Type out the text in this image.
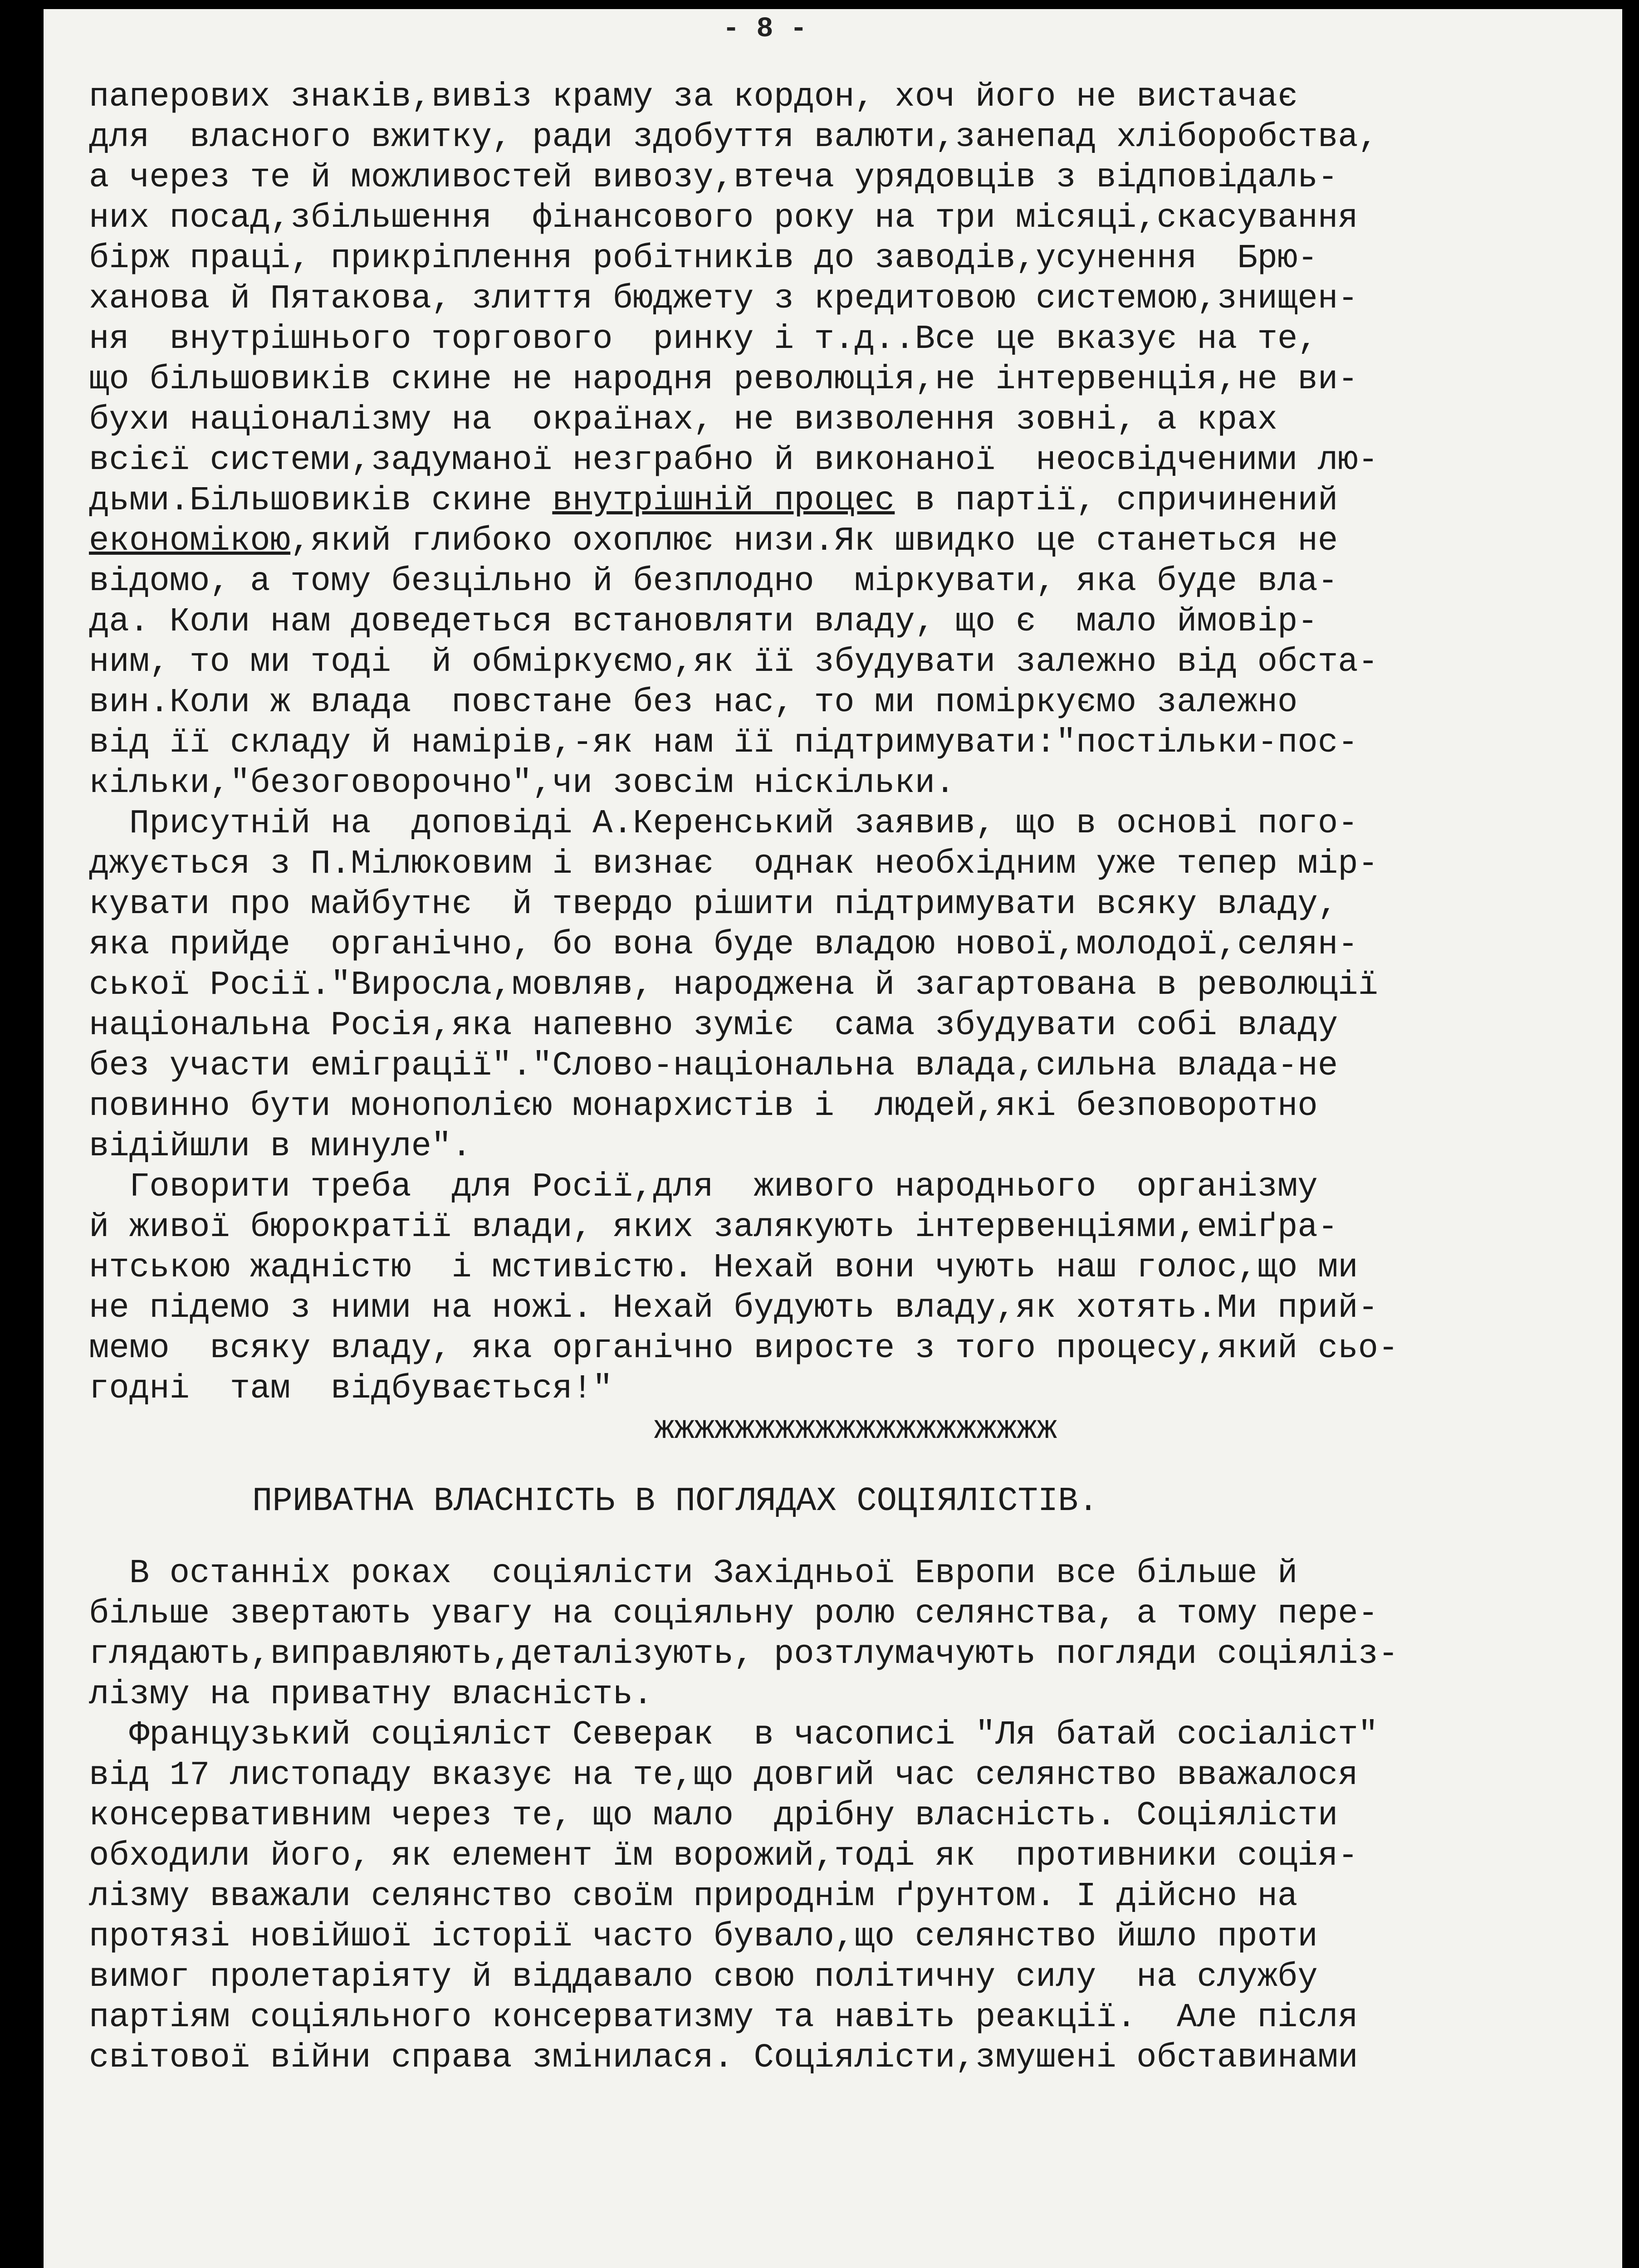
- 8 -

паперових знаків,вивіз краму за кордон, хоч його не вистачає
для  власного вжитку, ради здобуття валюти,занепад хліборобства,
а через те й можливостей вивозу,втеча урядовців з відповідаль-
них посад,збільшення  фінансового року на три місяці,скасування
бірж праці, прикріплення робітників до заводів,усунення  Брю-
ханова й Пятакова, злиття бюджету з кредитовою системою,знищен-
ня  внутрішнього торгового  ринку і т.д..Все це вказує на те,
що більшовиків скине не народня революція,не інтервенція,не ви-
бухи націоналізму на  окраїнах, не визволення зовні, а крах
всієї системи,задуманої незграбно й виконаної  неосвідченими лю-
дьми.Більшовиків скине внутрішній процес в партії, спричинений
економікою,який глибоко охоплює низи.Як швидко це станеться не
відомо, а тому безцільно й безплодно  міркувати, яка буде вла-
да. Коли нам доведеться встановляти владу, що є  мало ймовір-
ним, то ми тоді  й обміркуємо,як її збудувати залежно від обста-
вин.Коли ж влада  повстане без нас, то ми поміркуємо залежно
від її складу й намірів,-як нам її підтримувати:"постільки-пос-
кільки,"безоговорочно",чи зовсім ніскільки.
Присутній на  доповіді А.Керенський заявив, що в основі пого-
джується з П.Мілюковим і визнає  однак необхідним уже тепер мір-
кувати про майбутнє  й твердо рішити підтримувати всяку владу,
яка прийде  органічно, бо вона буде владою нової,молодої,селян-
ської Росії."Виросла,мовляв, народжена й загартована в революції
національна Росія,яка напевно зуміє  сама збудувати собі владу
без участи еміграції"."Слово-національна влада,сильна влада-не
повинно бути монополією монархистів і  людей,які безповоротно
відійшли в минуле".
Говорити треба  для Росії,для  живого народнього  організму
й живої бюрократії влади, яких залякують інтервенціями,еміґра-
нтською жадністю  і мстивістю. Нехай вони чують наш голос,що ми
не підемо з ними на ножі. Нехай будують владу,як хотять.Ми прий-
мемо  всяку владу, яка органічно виросте з того процесу,який сьо-
годні  там  відбувається!"
жжжжжжжжжжжжжжжжжжжж
ПРИВАТНА ВЛАСНІСТЬ В ПОГЛЯДАХ СОЦІЯЛІСТІВ.
В останніх роках  соціялісти Західньої Европи все більше й
більше звертають увагу на соціяльну ролю селянства, а тому пере-
глядають,виправляють,деталізують, розтлумачують погляди соціяліз-
лізму на приватну власність.
Французький соціяліст Северак  в часописі "Ля батай сосіаліст"
від 17 листопаду вказує на те,що довгий час селянство вважалося
консервативним через те, що мало  дрібну власність. Соціялісти
обходили його, як елемент їм ворожий,тоді як  противники соція-
лізму вважали селянство своїм природнім ґрунтом. І дійсно на
протязі новійшої історії часто бувало,що селянство йшло проти
вимог пролетаріяту й віддавало свою політичну силу  на службу
партіям соціяльного консерватизму та навіть реакції.  Але після
світової війни справа змінилася. Соціялісти,змушені обставинами
